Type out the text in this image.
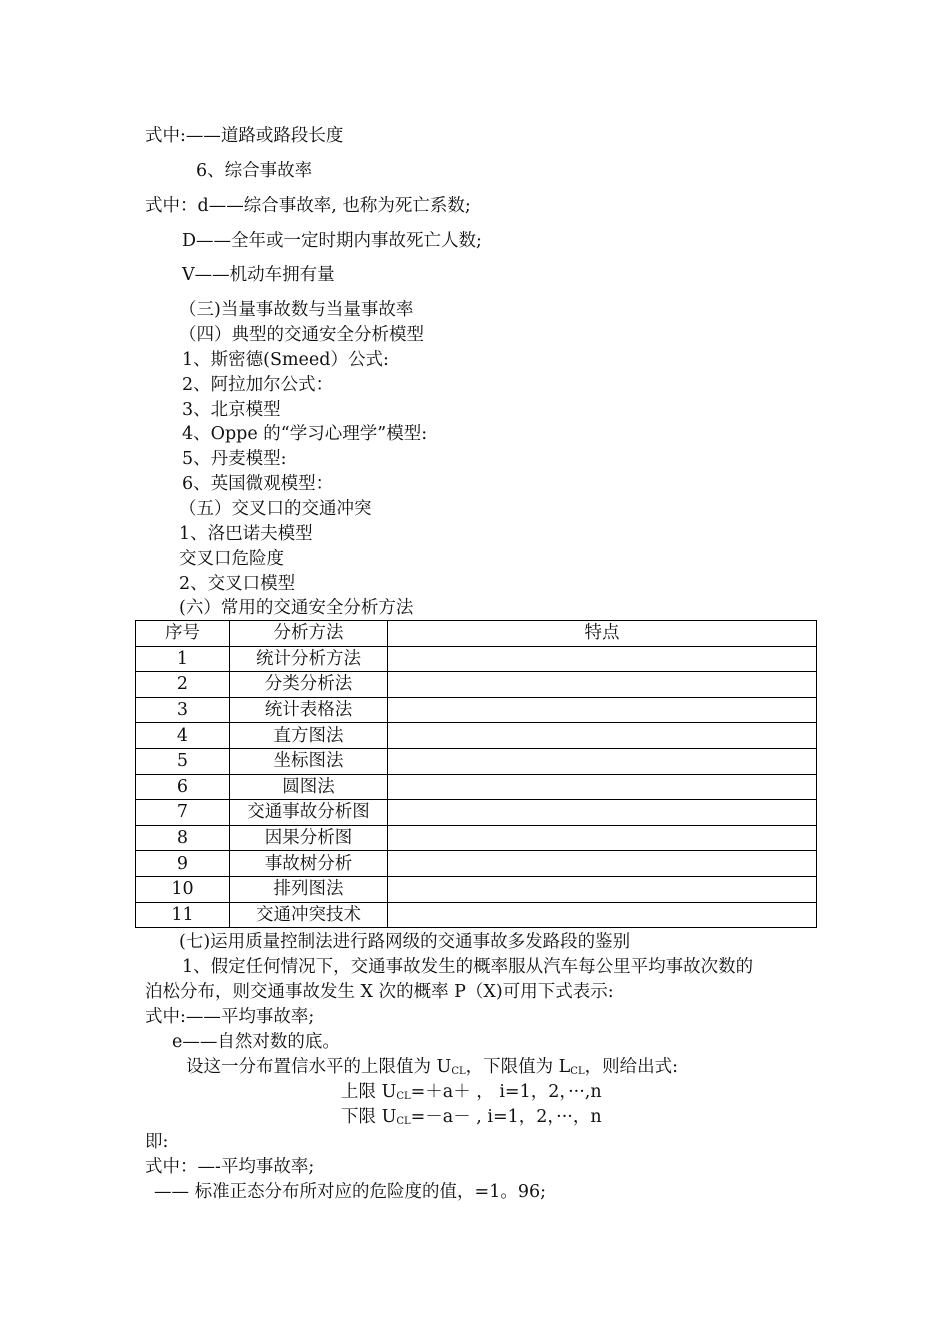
式中:——道路或路段长度
6、综合事故率
式中：d——综合事故率, 也称为死亡系数;
D——全年或一定时期内事故死亡人数;
V——机动车拥有量
（三)当量事故数与当量事故率
（四）典型的交通安全分析模型
1、斯密德(Smeed）公式:
2、阿拉加尔公式：
3、北京模型
4、Oppe 的“学习心理学”模型:
5、丹麦模型:
6、英国微观模型：
（五）交叉口的交通冲突
1、洛巴诺夫模型
交叉口危险度
2、交叉口模型
(六）常用的交通安全分析方法
序号	分析方法	特点
1	统计分析方法	
2	分类分析法	
3	统计表格法	
4	直方图法	
5	坐标图法	
6	圆图法	
7	交通事故分析图	
8	因果分析图	
9	事故树分析	
10	排列图法	
11	交通冲突技术	
(七)运用质量控制法进行路网级的交通事故多发路段的鉴别
1、假定任何情况下，交通事故发生的概率服从汽车每公里平均事故次数的
泊松分布，则交通事故发生 X 次的概率 P（X)可用下式表示:
式中:——平均事故率;
e——自然对数的底。
设这一分布置信水平的上限值为 $U_{CL}$，下限值为 $L_{CL}$，则给出式:
上限 $U_{CL}=+a+$ ， i=1，2，···,n
下限 $U_{CL}=-a-$ , i=1，2，···，n
即:
式中：—-平均事故率;
—— 标准正态分布所对应的危险度的值，=1。96;
